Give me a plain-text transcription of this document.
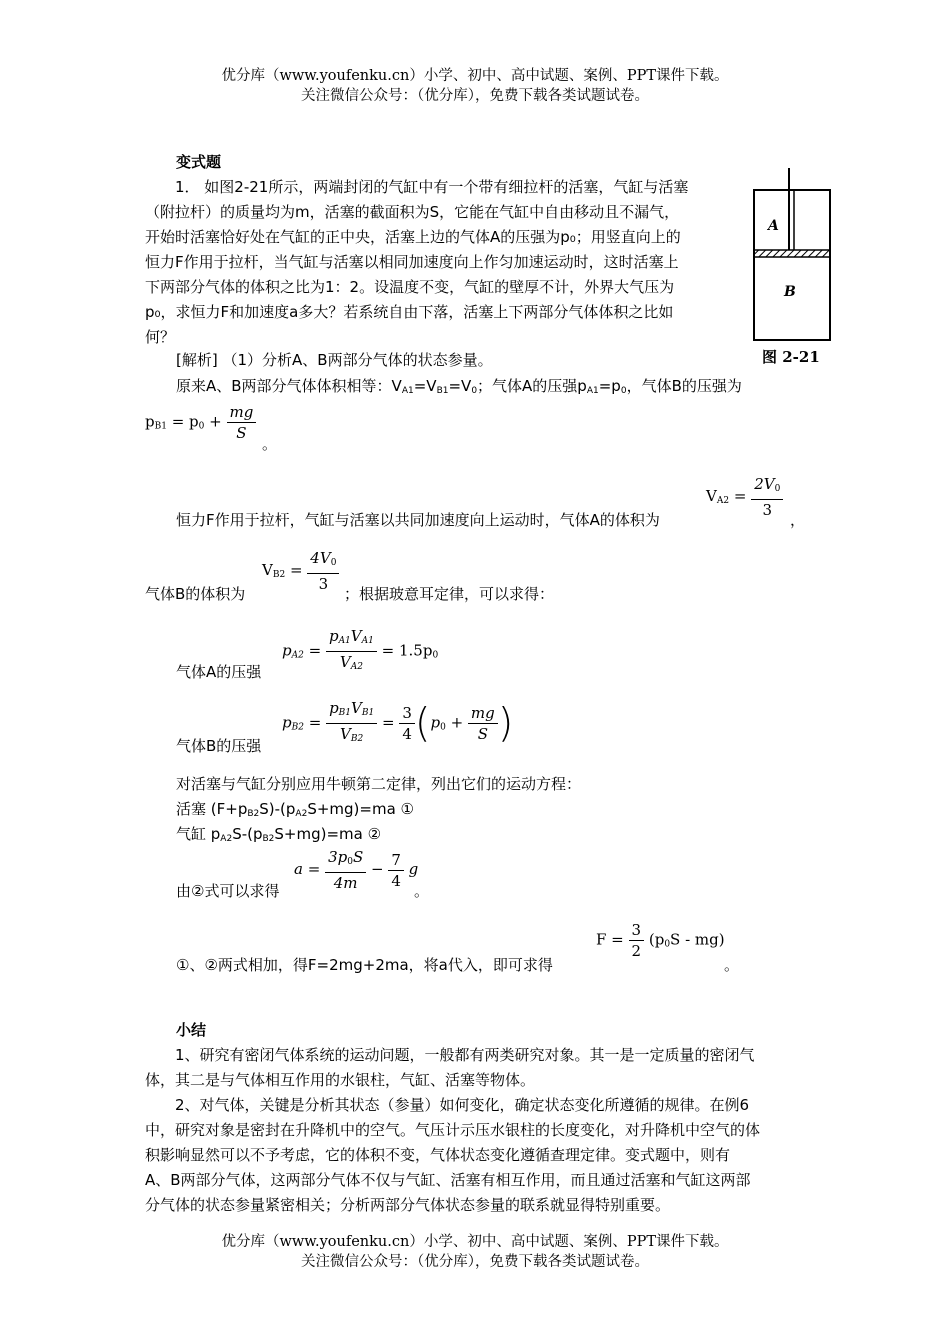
优分库（www.youfenku.cn）小学、初中、高中试题、案例、PPT课件下载。
关注微信公众号：（优分库），免费下载各类试题试卷。
变式题
1． 如图2-21所示，两端封闭的气缸中有一个带有细拉杆的活塞，气缸与活塞
（附拉杆）的质量均为m，活塞的截面积为S，它能在气缸中自由移动且不漏气，
开始时活塞恰好处在气缸的正中央，活塞上边的气体A的压强为p₀；用竖直向上的
恒力F作用于拉杆，当气缸与活塞以相同加速度向上作匀加速运动时，这时活塞上
下两部分气体的体积之比为1：2。设温度不变，气缸的壁厚不计，外界大气压为
p₀，求恒力F和加速度a多大？若系统自由下落，活塞上下两部分气体体积之比如
何？
A
B
图 2-21
[解析] （1）分析A、B两部分气体的状态参量。
原来A、B两部分气体体积相等：$V_{A1}=V_{B1}=V_0$；气体A的压强$p_{A1}=p_0$，气体B的压强为
$p_{B1} = p_0 + \frac{mg}{S}$
。
恒力F作用于拉杆，气缸与活塞以共同加速度向上运动时，气体A的体积为
$V_{A2} = \frac{2V_0}{3}$ ，
气体B的体积为
$V_{B2} = \frac{4V_0}{3}$ ；根据玻意耳定律，可以求得：
气体A的压强
$p_{A2} = \frac{p_{A1}V_{A1}}{V_{A2}} = 1.5p_0$
气体B的压强
$p_{B2} = \frac{p_{B1}V_{B1}}{V_{B2}} = \frac{3}{4} (p_0 + \frac{mg}{S}$ )
对活塞与气缸分别应用牛顿第二定律，列出它们的运动方程：
活塞 $(F+p_{B2}S)-(p_{A2}S+mg)=ma$ ①
气缸 $p_{A2}S-(p_{B2}S+mg)=ma$ ②
由②式可以求得
$a = \frac{3p_0S}{4m} - \frac{7}{4}$ g
。
①、②两式相加，得F=2mg+2ma，将a代入，即可求得
$F = \frac{3}{2} (p_0S - mg)$
。
小结
1、研究有密闭气体系统的运动问题，一般都有两类研究对象。其一是一定质量的密闭气
体，其二是与气体相互作用的水银柱，气缸、活塞等物体。
2、对气体，关键是分析其状态（参量）如何变化，确定状态变化所遵循的规律。在例6
中，研究对象是密封在升降机中的空气。气压计示压水银柱的长度变化，对升降机中空气的体
积影响显然可以不予考虑，它的体积不变，气体状态变化遵循查理定律。变式题中，则有
A、B两部分气体，这两部分气体不仅与气缸、活塞有相互作用，而且通过活塞和气缸这两部
分气体的状态参量紧密相关；分析两部分气体状态参量的联系就显得特别重要。
优分库（www.youfenku.cn）小学、初中、高中试题、案例、PPT课件下载。
关注微信公众号：（优分库），免费下载各类试题试卷。
